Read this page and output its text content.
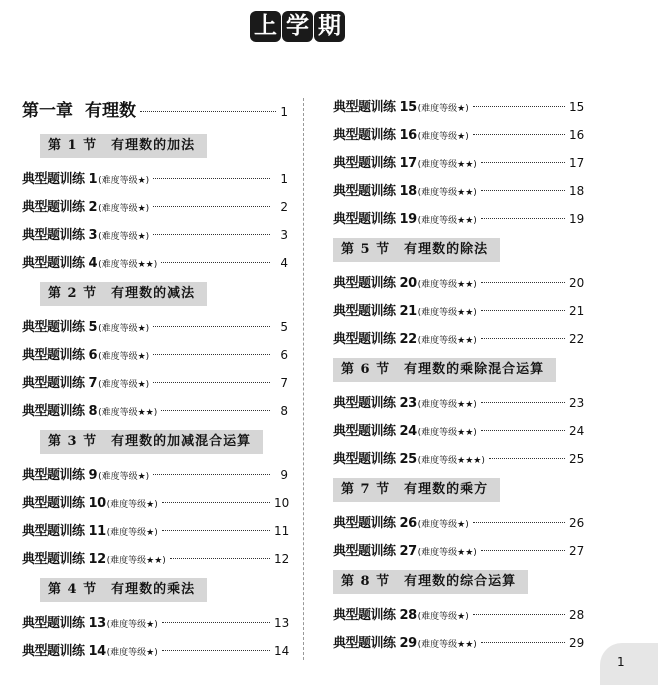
上 学 期
第一章 有理数	1
第 1 节 有理数的加法
典型题训练 1 (难度等级★)	1
典型题训练 2 (难度等级★)	2
典型题训练 3 (难度等级★)	3
典型题训练 4 (难度等级★★)	4
第 2 节 有理数的减法
典型题训练 5 (难度等级★)	5
典型题训练 6 (难度等级★)	6
典型题训练 7 (难度等级★)	7
典型题训练 8 (难度等级★★)	8
第 3 节 有理数的加减混合运算
典型题训练 9 (难度等级★)	9
典型题训练 10 (难度等级★)	10
典型题训练 11 (难度等级★)	11
典型题训练 12 (难度等级★★)	12
第 4 节 有理数的乘法
典型题训练 13 (难度等级★)	13
典型题训练 14 (难度等级★)	14
典型题训练 15 (难度等级★)	15
典型题训练 16 (难度等级★)	16
典型题训练 17 (难度等级★★)	17
典型题训练 18 (难度等级★★)	18
典型题训练 19 (难度等级★★)	19
第 5 节 有理数的除法
典型题训练 20 (难度等级★★)	20
典型题训练 21 (难度等级★★)	21
典型题训练 22 (难度等级★★)	22
第 6 节 有理数的乘除混合运算
典型题训练 23 (难度等级★★)	23
典型题训练 24 (难度等级★★)	24
典型题训练 25 (难度等级★★★)	25
第 7 节 有理数的乘方
典型题训练 26 (难度等级★)	26
典型题训练 27 (难度等级★★)	27
第 8 节 有理数的综合运算
典型题训练 28 (难度等级★)	28
典型题训练 29 (难度等级★★)	29
1
